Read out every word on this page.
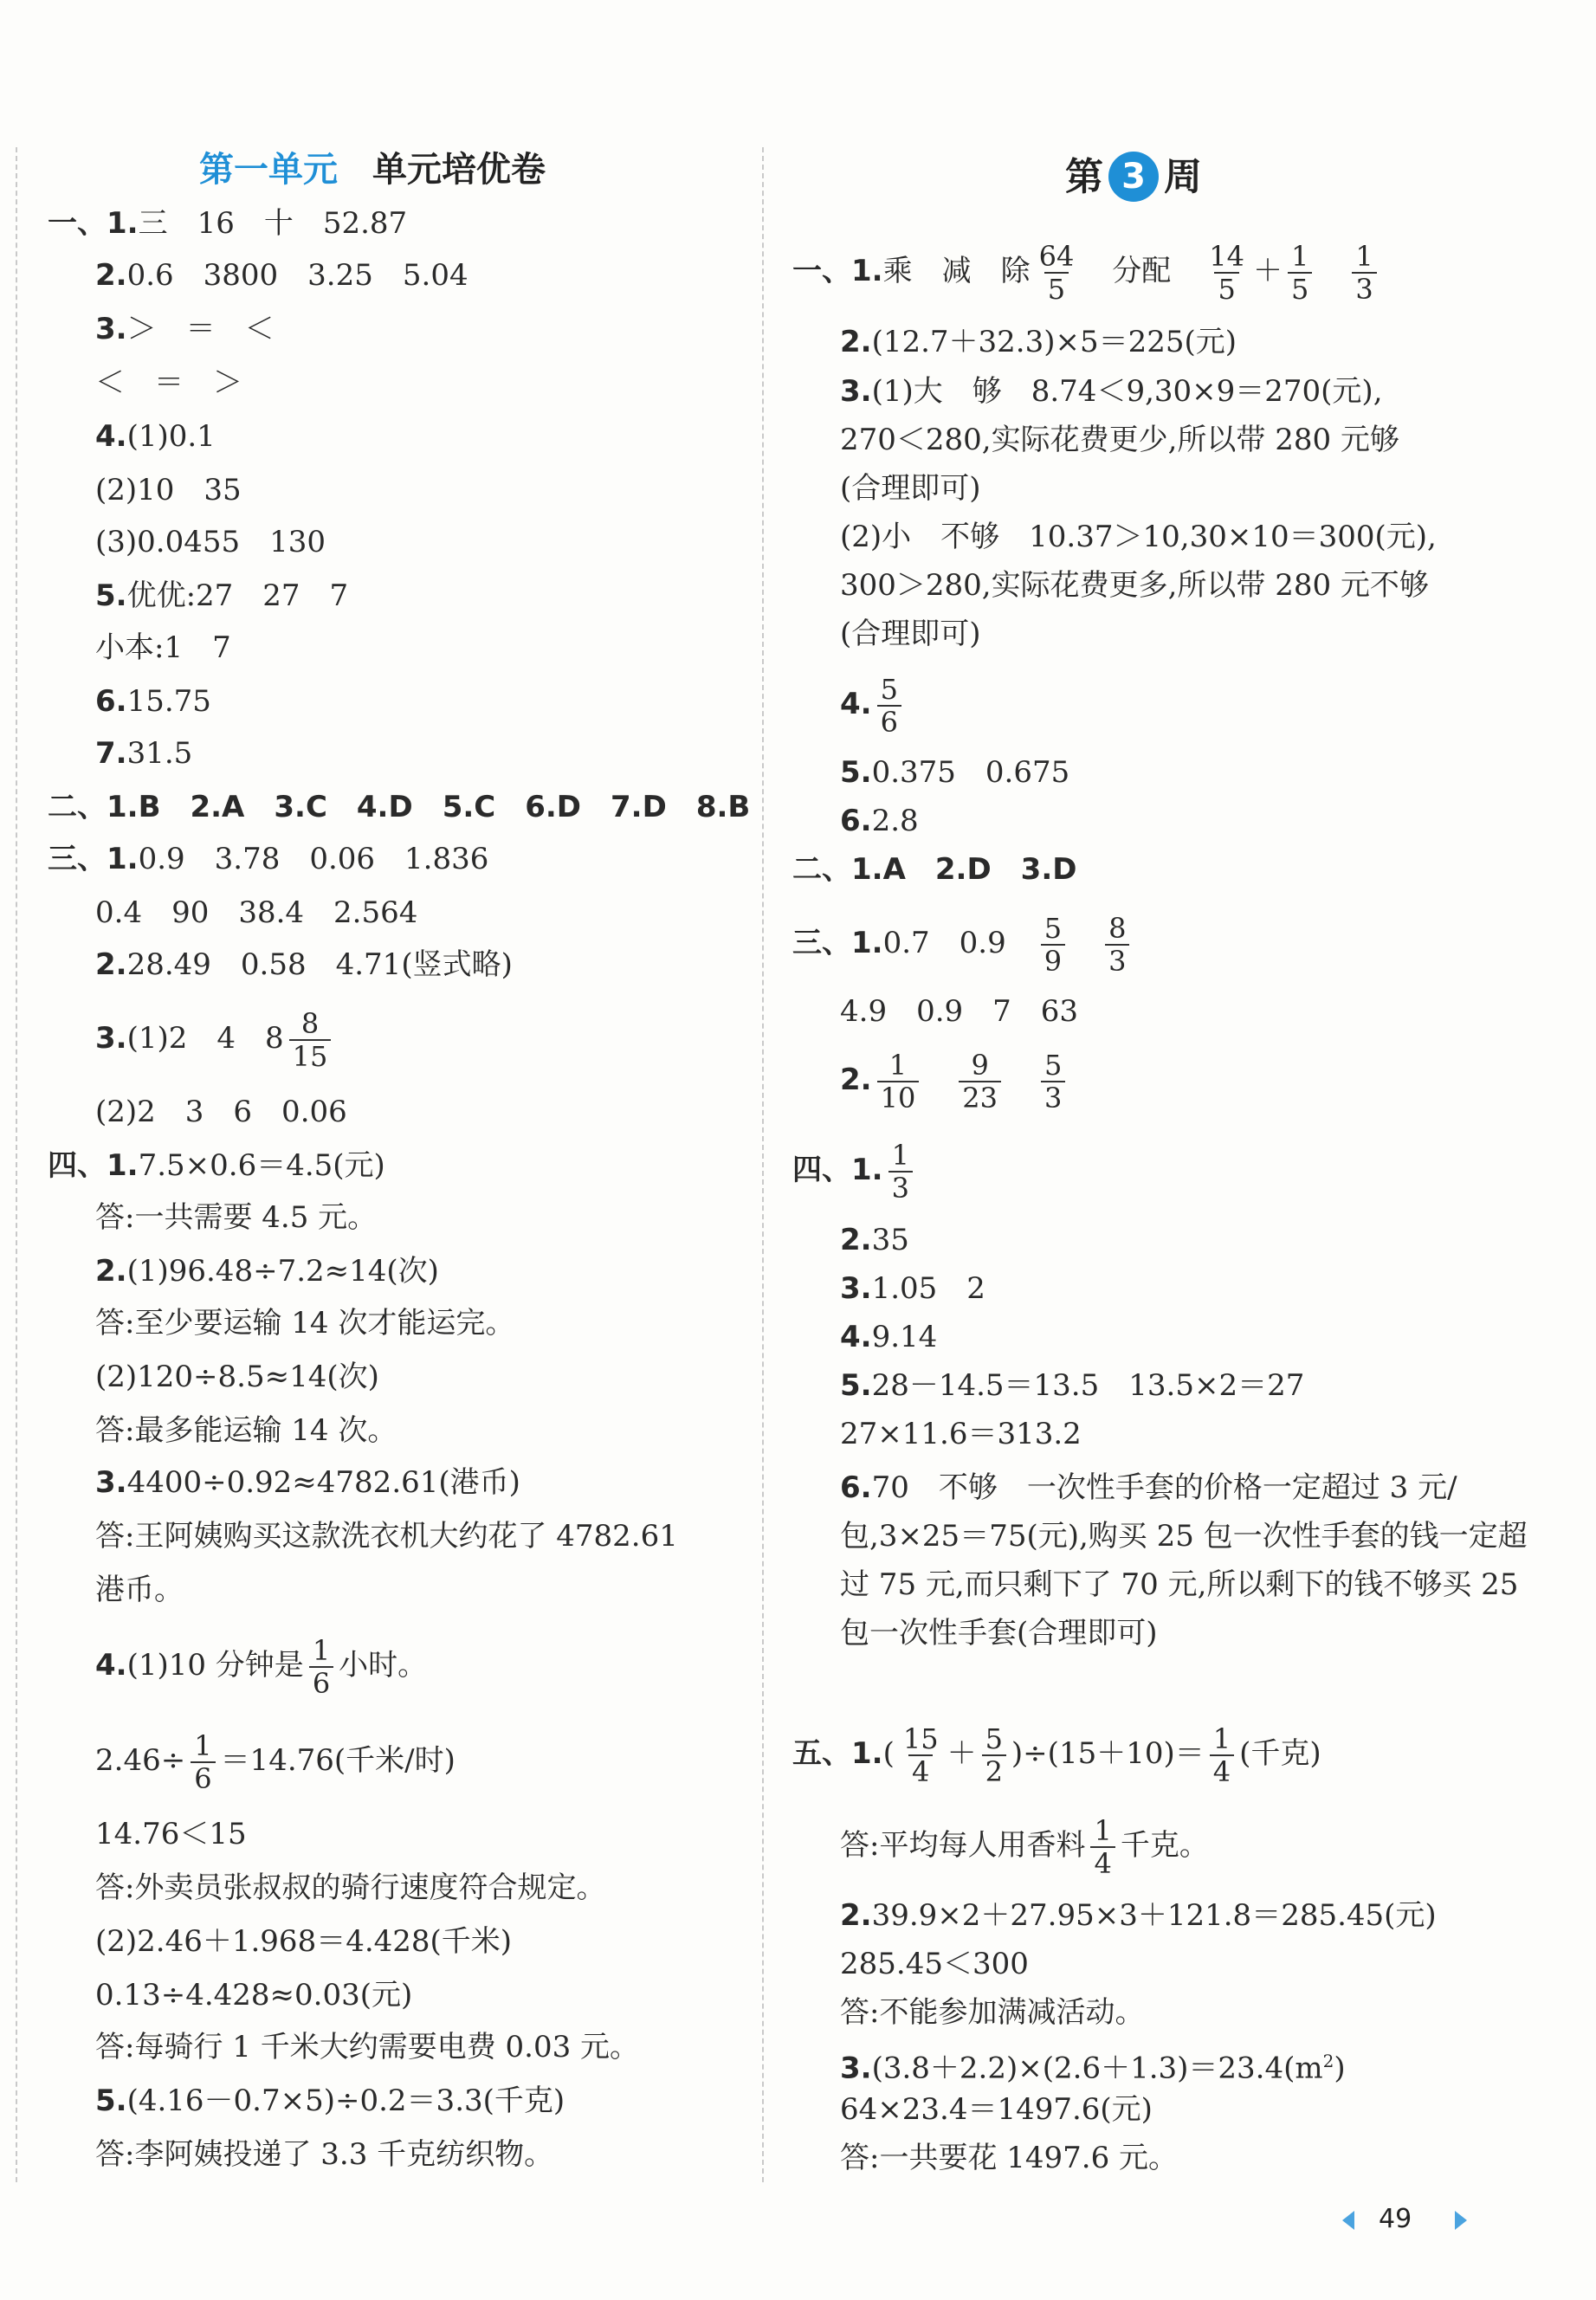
第一单元 单元培优卷
一、1.三　16　十　52.87
2.0.6　3800　3.25　5.04
3.＞　＝　＜
＜　＝　＞
4.(1)0.1
(2)10　35
(3)0.0455　130
5.优优:27　27　7
小本:1　7
6.15.75
7.31.5
二、1.B　2.A　3.C　4.D　5.C　6.D　7.D　8.B
三、1.0.9　3.78　0.06　1.836
0.4　90　38.4　2.564
2.28.49　0.58　4.71(竖式略)
3.(1)2　4　$8 \frac{8}{15}$
(2)2　3　6　0.06
四、1.7.5×0.6＝4.5(元)
答:一共需要 4.5 元。
2.(1)96.48÷7.2≈14(次)
答:至少要运输 14 次才能运完。
(2)120÷8.5≈14(次)
答:最多能运输 14 次。
3.4400÷0.92≈4782.61(港币)
答:王阿姨购买这款洗衣机大约花了 4782.61
港币。
4.(1)10 分钟是 $\frac{1}{6}$ 小时。
$2.46\div \frac{1}{6} =14.76$(千米/时)
14.76＜15
答:外卖员张叔叔的骑行速度符合规定。
(2)2.46＋1.968＝4.428(千米)
0.13÷4.428≈0.03(元)
答:每骑行 1 千米大约需要电费 0.03 元。
5.(4.16－0.7×5)÷0.2＝3.3(千克)
答:李阿姨投递了 3.3 千克纺织物。
第 3 周
一、1.乘　减　除 $\frac{64}{5}$
　 分配　 $\frac{14}{5} + \frac{1}{5}$
　 $\frac{1}{3}$
2.(12.7＋32.3)×5＝225(元)
3.(1)大　够　8.74＜9,30×9＝270(元),
270＜280,实际花费更少,所以带 280 元够
(合理即可)
(2)小　不够　10.37＞10,30×10＝300(元),
300＞280,实际花费更多,所以带 280 元不够
(合理即可)
4. $\frac{5}{6}$
5.0.375　0.675
6.2.8
二、1.A　2.D　3.D
三、1.0.7　0.9　 $\frac{5}{9}$
　 $\frac{8}{3}$
4.9　0.9　7　63
2. $\frac{1}{10}$
　 $\frac{9}{23}$
　 $\frac{5}{3}$
四、1. $\frac{1}{3}$
2.35
3.1.05　2
4.9.14
5.28－14.5＝13.5　13.5×2＝27
27×11.6＝313.2
6.70　不够　一次性手套的价格一定超过 3 元/包,3×25＝75(元),购买 25 包一次性手套的钱一定超过 75 元,而只剩下了 70 元,所以剩下的钱不够买 25 包一次性手套(合理即可)
五、$1.( \frac{15}{4} + \frac{5}{2} )\div(15+10)= \frac{1}{4}$ (千克)
答:平均每人用香料 $\frac{1}{4}$ 千克。
2.39.9×2＋27.95×3＋121.8＝285.45(元)
285.45＜300
答:不能参加满减活动。
$3.(3.8+2.2)\times(2.6+1.3)=23.4(m^2)$
64×23.4＝1497.6(元)
答:一共要花 1497.6 元。
49
